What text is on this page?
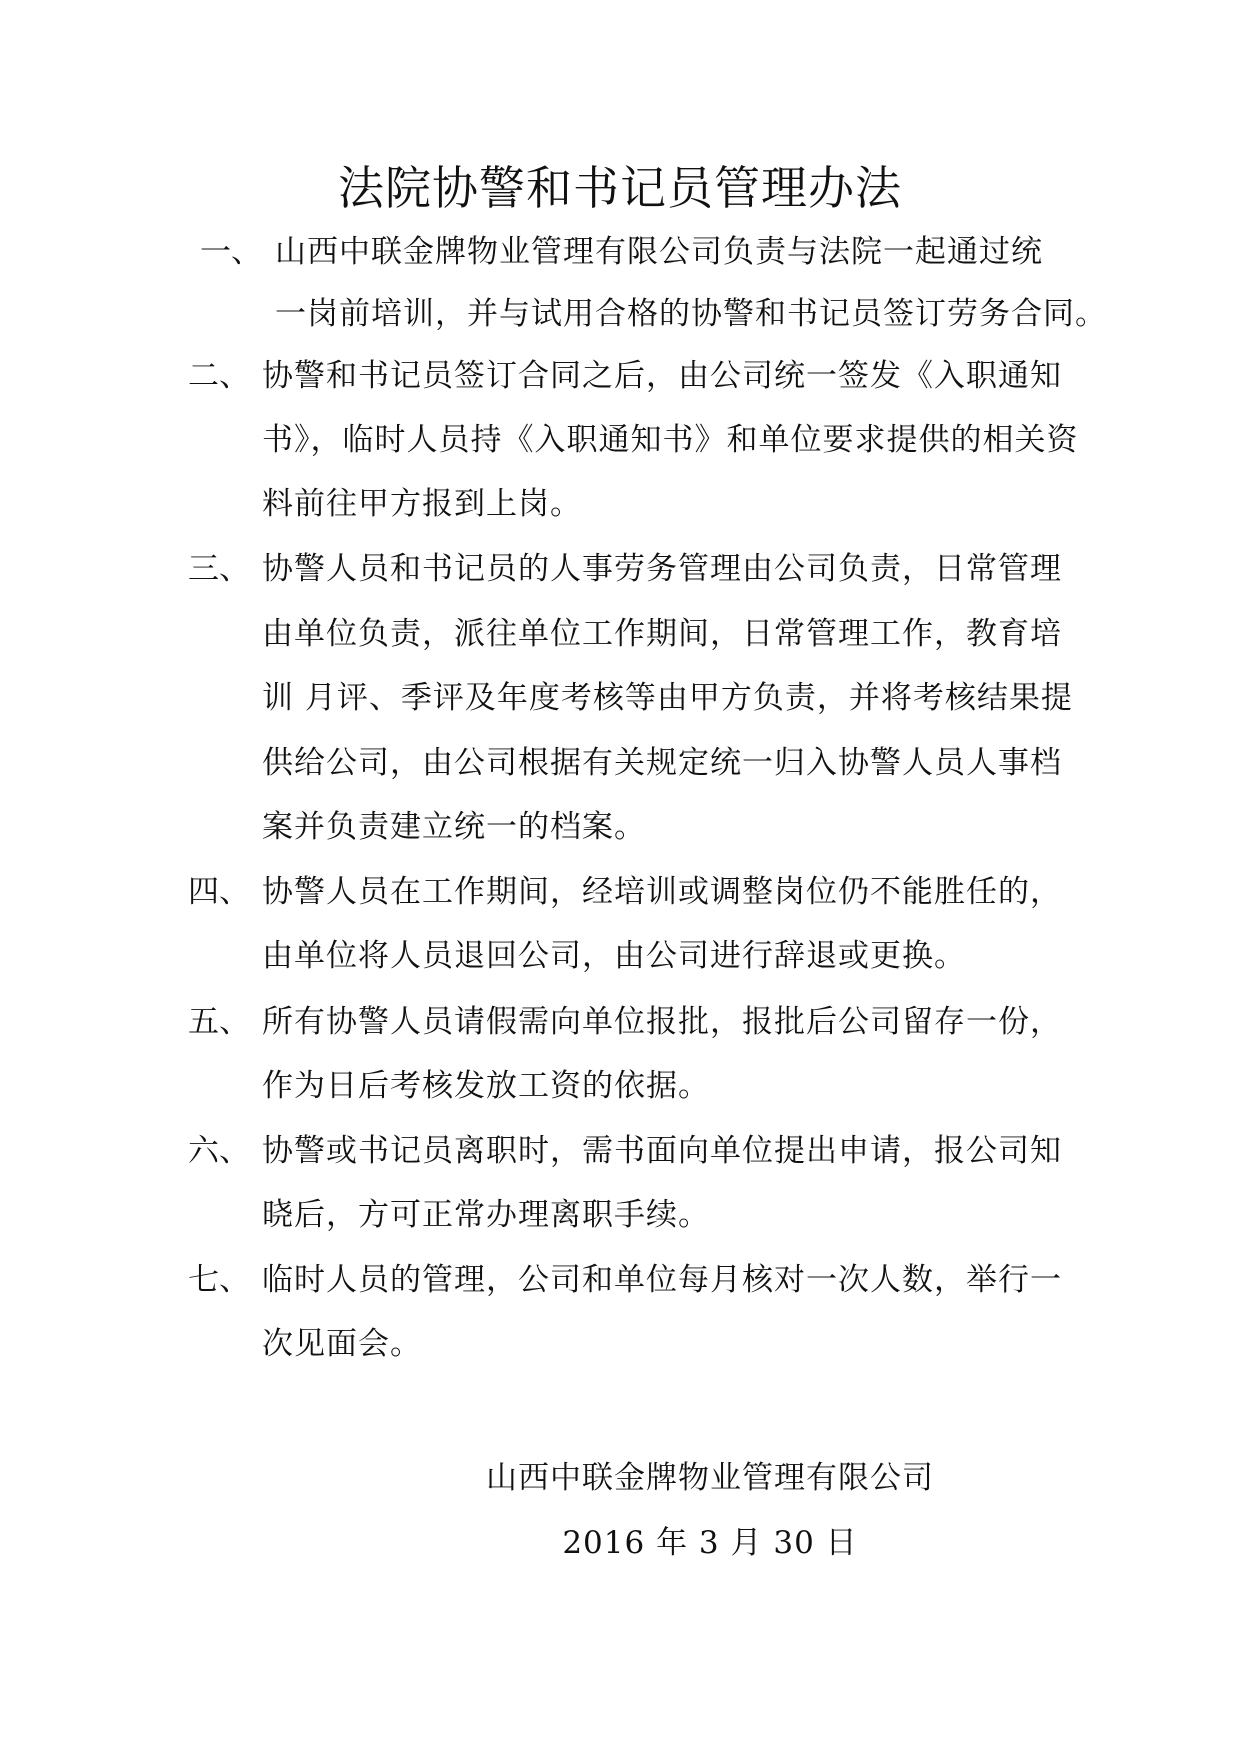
法院协警和书记员管理办法
一、 山西中联金牌物业管理有限公司负责与法院一起通过统
一岗前培训，并与试用合格的协警和书记员签订劳务合同。
二、 协警和书记员签订合同之后，由公司统一签发《入职通知
书》，临时人员持《入职通知书》和单位要求提供的相关资
料前往甲方报到上岗。
三、 协警人员和书记员的人事劳务管理由公司负责，日常管理
由单位负责，派往单位工作期间，日常管理工作，教育培
训 月评、季评及年度考核等由甲方负责，并将考核结果提
供给公司，由公司根据有关规定统一归入协警人员人事档
案并负责建立统一的档案。
四、 协警人员在工作期间，经培训或调整岗位仍不能胜任的，
由单位将人员退回公司，由公司进行辞退或更换。
五、 所有协警人员请假需向单位报批，报批后公司留存一份，
作为日后考核发放工资的依据。
六、 协警或书记员离职时，需书面向单位提出申请，报公司知
晓后，方可正常办理离职手续。
七、 临时人员的管理，公司和单位每月核对一次人数，举行一
次见面会。
山西中联金牌物业管理有限公司
2016 年 3 月 30 日
